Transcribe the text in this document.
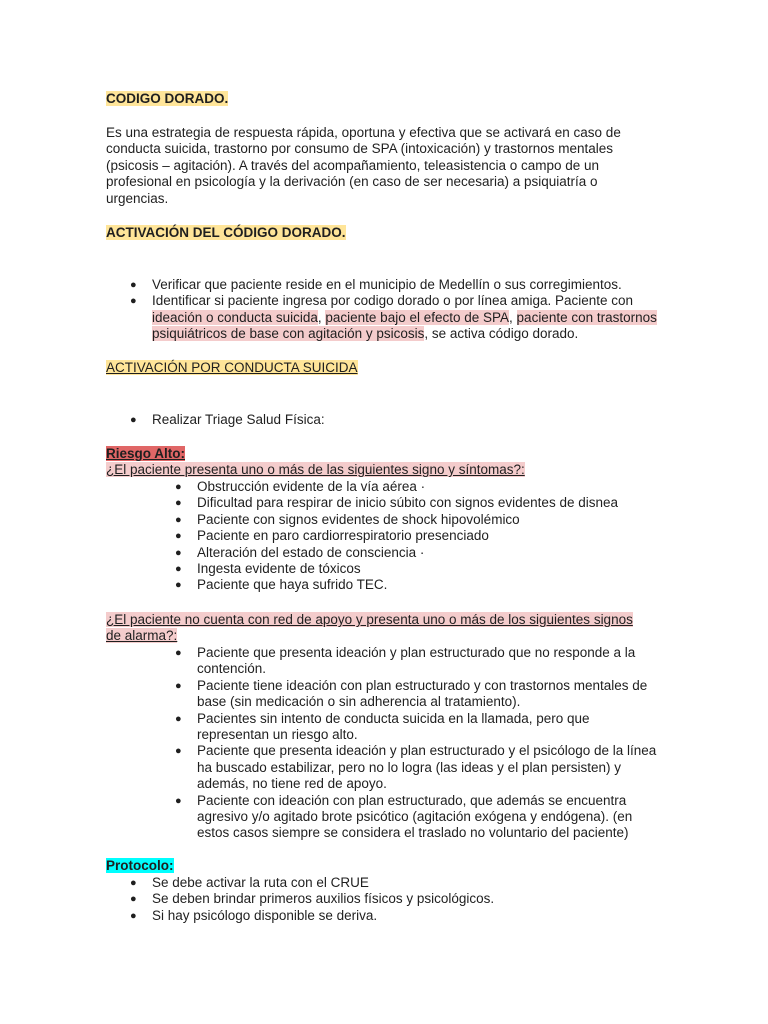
CODIGO DORADO.

Es una estrategia de respuesta rápida, oportuna y efectiva que se activará en caso de conducta suicida, trastorno por consumo de SPA (intoxicación) y trastornos mentales (psicosis – agitación). A través del acompañamiento, teleasistencia o campo de un profesional en psicología y la derivación (en caso de ser necesaria) a psiquiatría o urgencias.

ACTIVACIÓN DEL CÓDIGO DORADO.
● Verificar que paciente reside en el municipio de Medellín o sus corregimientos.
● Identificar si paciente ingresa por codigo dorado o por línea amiga. Paciente con ideación o conducta suicida, paciente bajo el efecto de SPA, paciente con trastornos psiquiátricos de base con agitación y psicosis, se activa código dorado.
ACTIVACIÓN POR CONDUCTA SUICIDA
● Realizar Triage Salud Física:
Riesgo Alto:
¿El paciente presenta uno o más de las siguientes signo y síntomas?:
● Obstrucción evidente de la vía aérea ·
● Dificultad para respirar de inicio súbito con signos evidentes de disnea
● Paciente con signos evidentes de shock hipovolémico
● Paciente en paro cardiorrespiratorio presenciado
● Alteración del estado de consciencia ·
● Ingesta evidente de tóxicos
● Paciente que haya sufrido TEC.
¿El paciente no cuenta con red de apoyo y presenta uno o más de los siguientes signos de alarma?:
● Paciente que presenta ideación y plan estructurado que no responde a la contención.
● Paciente tiene ideación con plan estructurado y con trastornos mentales de base (sin medicación o sin adherencia al tratamiento).
● Pacientes sin intento de conducta suicida en la llamada, pero que representan un riesgo alto.
● Paciente que presenta ideación y plan estructurado y el psicólogo de la línea ha buscado estabilizar, pero no lo logra (las ideas y el plan persisten) y además, no tiene red de apoyo.
● Paciente con ideación con plan estructurado, que además se encuentra agresivo y/o agitado brote psicótico (agitación exógena y endógena). (en estos casos siempre se considera el traslado no voluntario del paciente)
Protocolo:
● Se debe activar la ruta con el CRUE
● Se deben brindar primeros auxilios físicos y psicológicos.
● Si hay psicólogo disponible se deriva.
